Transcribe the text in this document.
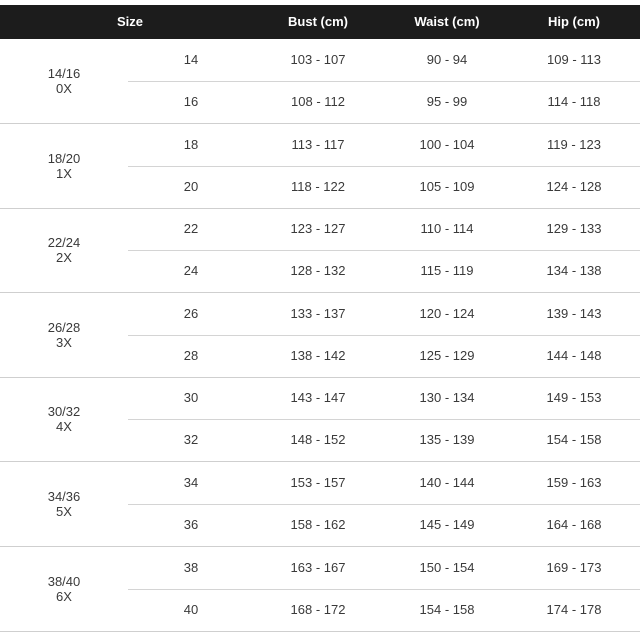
Size	Bust (cm)	Waist (cm)	Hip (cm)
14/16
0X
14	103 - 107	90 - 94	109 - 113
16	108 - 112	95 - 99	114 - 118
18/20
1X
18	113 - 117	100 - 104	119 - 123
20	118 - 122	105 - 109	124 - 128
22/24
2X
22	123 - 127	110 - 114	129 - 133
24	128 - 132	115 - 119	134 - 138
26/28
3X
26	133 - 137	120 - 124	139 - 143
28	138 - 142	125 - 129	144 - 148
30/32
4X
30	143 - 147	130 - 134	149 - 153
32	148 - 152	135 - 139	154 - 158
34/36
5X
34	153 - 157	140 - 144	159 - 163
36	158 - 162	145 - 149	164 - 168
38/40
6X
38	163 - 167	150 - 154	169 - 173
40	168 - 172	154 - 158	174 - 178
